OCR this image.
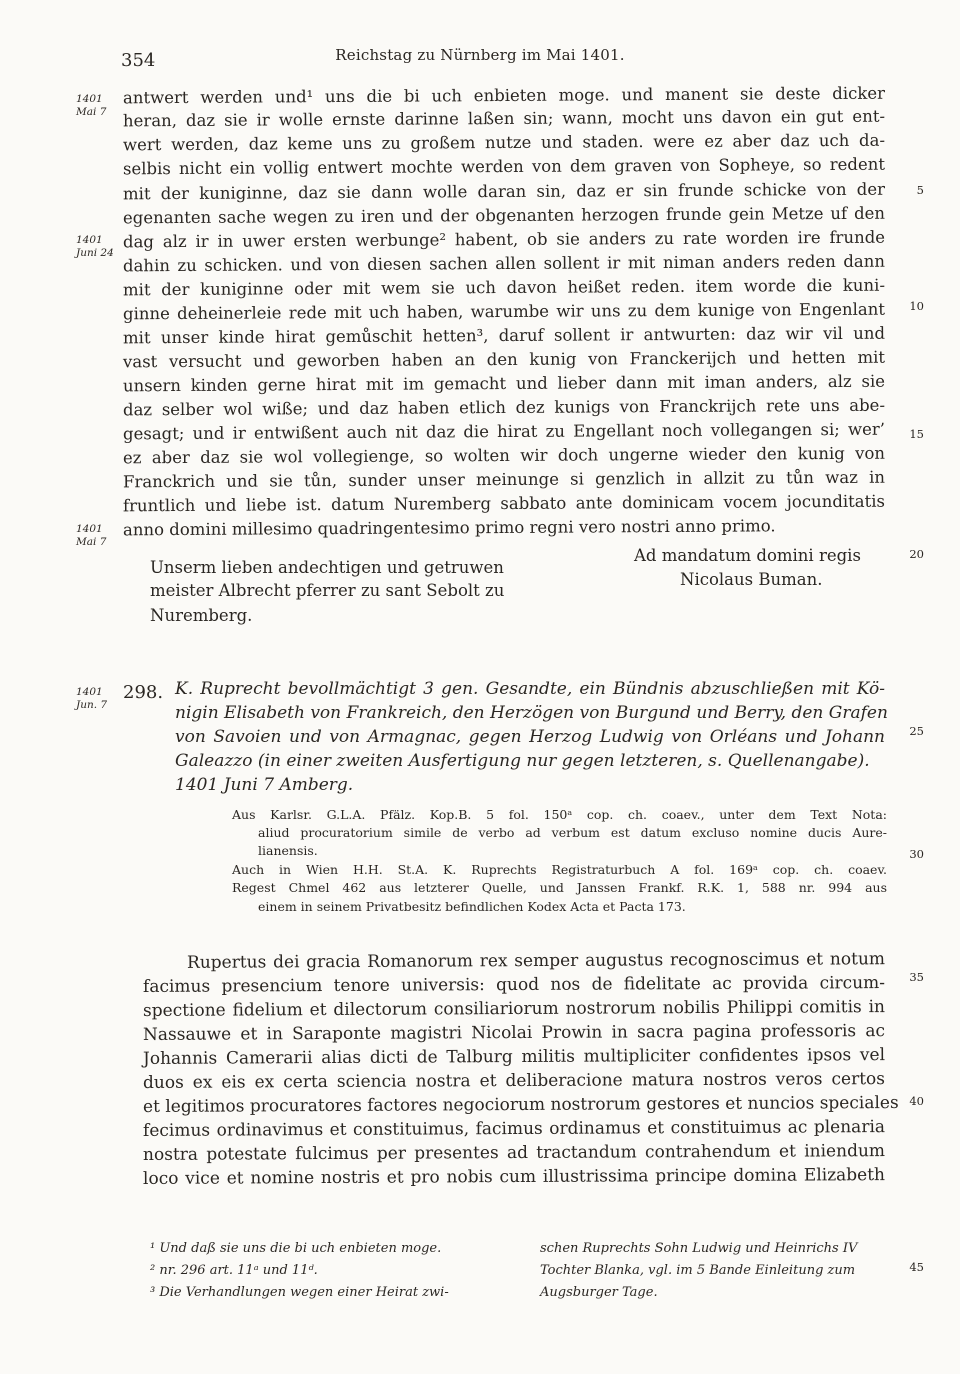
354	Reichstag zu Nürnberg im Mai 1401.
1401
Mai 7
1401
Juni 24
1401
Mai 7
1401
Jun. 7
5
10
15
20
25
30
35
40
45
antwert werden und¹ uns die bi uch enbieten moge. und manent sie deste dicker
heran, daz sie ir wolle ernste darinne laßen sin; wann, mocht uns davon ein gut ent-
wert werden, daz keme uns zu großem nutze und staden. were ez aber daz uch da-
selbis nicht ein vollig entwert mochte werden von dem graven von Sopheye, so redent
mit der kuniginne, daz sie dann wolle daran sin, daz er sin frunde schicke von der
egenanten sache wegen zu iren und der obgenanten herzogen frunde gein Metze uf den
dag alz ir in uwer ersten werbunge² habent, ob sie anders zu rate worden ire frunde
dahin zu schicken. und von diesen sachen allen sollent ir mit niman anders reden dann
mit der kuniginne oder mit wem sie uch davon heißet reden. item worde die kuni-
ginne deheinerleie rede mit uch haben, warumbe wir uns zu dem kunige von Engenlant
mit unser kinde hirat gemůschit hetten³, daruf sollent ir antwurten: daz wir vil und
vast versucht und geworben haben an den kunig von Franckerijch und hetten mit
unsern kinden gerne hirat mit im gemacht und lieber dann mit iman anders, alz sie
daz selber wol wiße; und daz haben etlich dez kunigs von Franckrijch rete uns abe-
gesagt; und ir entwißent auch nit daz die hirat zu Engellant noch vollegangen si; wer’
ez aber daz sie wol vollegienge, so wolten wir doch ungerne wieder den kunig von
Franckrich und sie tůn, sunder unser meinunge si genzlich in allzit zu tůn waz in
fruntlich und liebe ist. datum Nuremberg sabbato ante dominicam vocem jocunditatis
anno domini millesimo quadringentesimo primo regni vero nostri anno primo.
Unserm lieben andechtigen und getruwen
meister Albrecht pferrer zu sant Sebolt zu
Nuremberg.
Ad mandatum domini regis
Nicolaus Buman.
298. K. Ruprecht bevollmächtigt 3 gen. Gesandte, ein Bündnis abzuschließen mit Kö-
nigin Elisabeth von Frankreich, den Herzögen von Burgund und Berry, den Grafen
von Savoien und von Armagnac, gegen Herzog Ludwig von Orléans und Johann
Galeazzo (in einer zweiten Ausfertigung nur gegen letzteren, s. Quellenangabe).
1401 Juni 7 Amberg.
Aus Karlsr. G.L.A. Pfälz. Kop.B. 5 fol. 150ᵃ cop. ch. coaev., unter dem Text Nota:
aliud procuratorium simile de verbo ad verbum est datum excluso nomine ducis Aure-
lianensis.
Auch in Wien H.H. St.A. K. Ruprechts Registraturbuch A fol. 169ᵃ cop. ch. coaev.
Regest Chmel 462 aus letzterer Quelle, und Janssen Frankf. R.K. 1, 588 nr. 994 aus
einem in seinem Privatbesitz befindlichen Kodex Acta et Pacta 173.
Rupertus dei gracia Romanorum rex semper augustus recognoscimus et notum
facimus presencium tenore universis: quod nos de fidelitate ac provida circum-
spectione fidelium et dilectorum consiliariorum nostrorum nobilis Philippi comitis in
Nassauwe et in Saraponte magistri Nicolai Prowin in sacra pagina professoris ac
Johannis Camerarii alias dicti de Talburg militis multipliciter confidentes ipsos vel
duos ex eis ex certa sciencia nostra et deliberacione matura nostros veros certos
et legitimos procuratores factores negociorum nostrorum gestores et nuncios speciales
fecimus ordinavimus et constituimus, facimus ordinamus et constituimus ac plenaria
nostra potestate fulcimus per presentes ad tractandum contrahendum et iniendum
loco vice et nomine nostris et pro nobis cum illustrissima principe domina Elizabeth
¹ Und daß sie uns die bi uch enbieten moge.
² nr. 296 art. 11ᵃ und 11ᵈ.
³ Die Verhandlungen wegen einer Heirat zwi-
schen Ruprechts Sohn Ludwig und Heinrichs IV
Tochter Blanka, vgl. im 5 Bande Einleitung zum
Augsburger Tage.
